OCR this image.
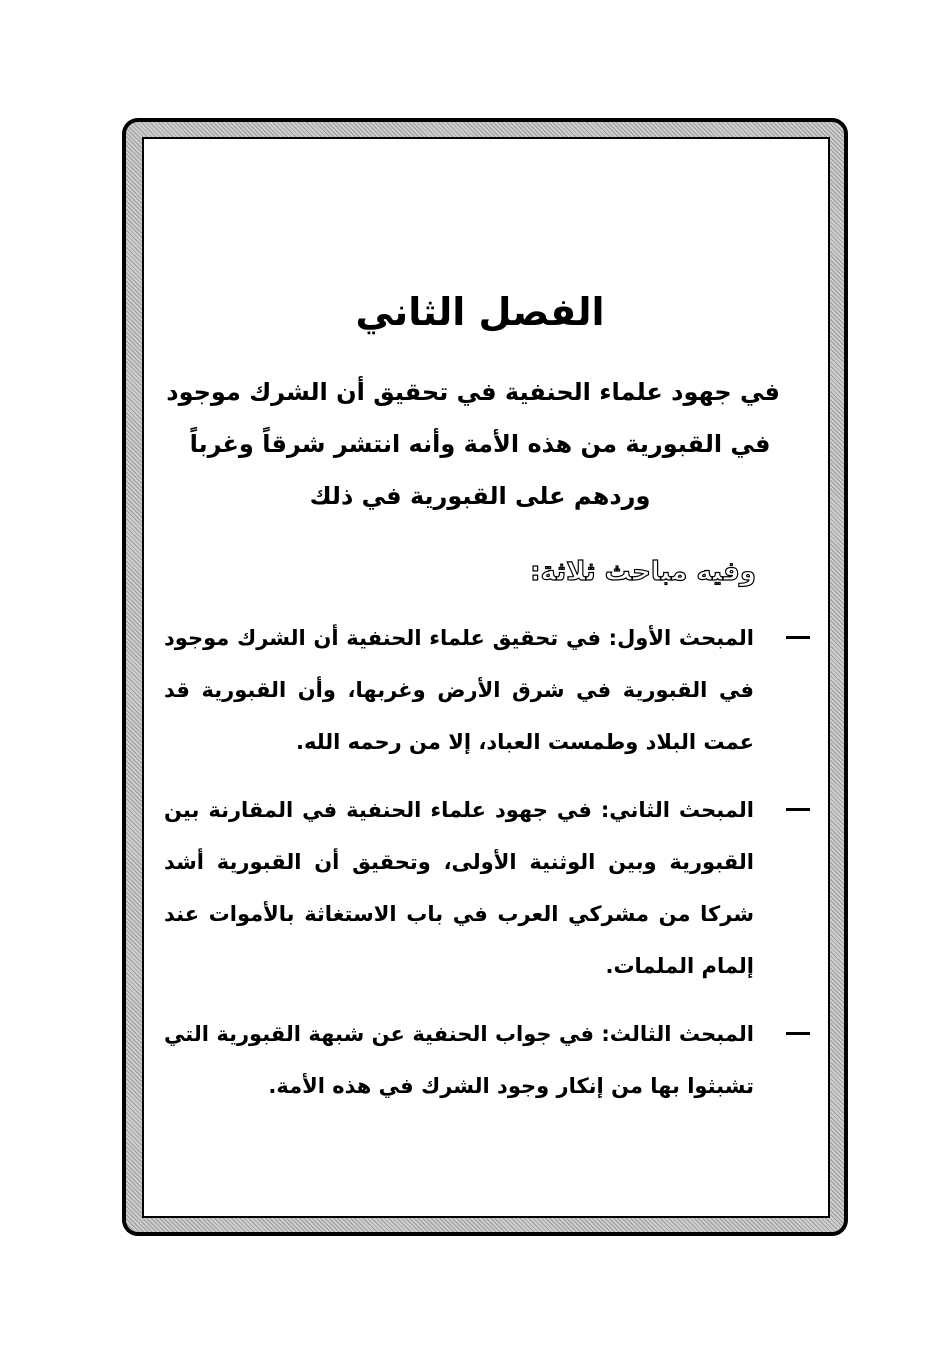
الفصل الثاني
في جهود علماء الحنفية في تحقيق أن الشرك موجود
في القبورية من هذه الأمة وأنه انتشر شرقاً وغرباً
وردهم على القبورية في ذلك
وفيه مباحث ثلاثة:
المبحث الأول: في تحقيق علماء الحنفية أن الشرك موجود في القبورية في شرق الأرض وغربها، وأن القبورية قد عمت البلاد وطمست العباد، إلا من رحمه الله.
المبحث الثاني: في جهود علماء الحنفية في المقارنة بين القبورية وبين الوثنية الأولى، وتحقيق أن القبورية أشد شركا من مشركي العرب في باب الاستغاثة بالأموات عند إلمام الملمات.
المبحث الثالث: في جواب الحنفية عن شبهة القبورية التي تشبثوا بها من إنكار وجود الشرك في هذه الأمة.
